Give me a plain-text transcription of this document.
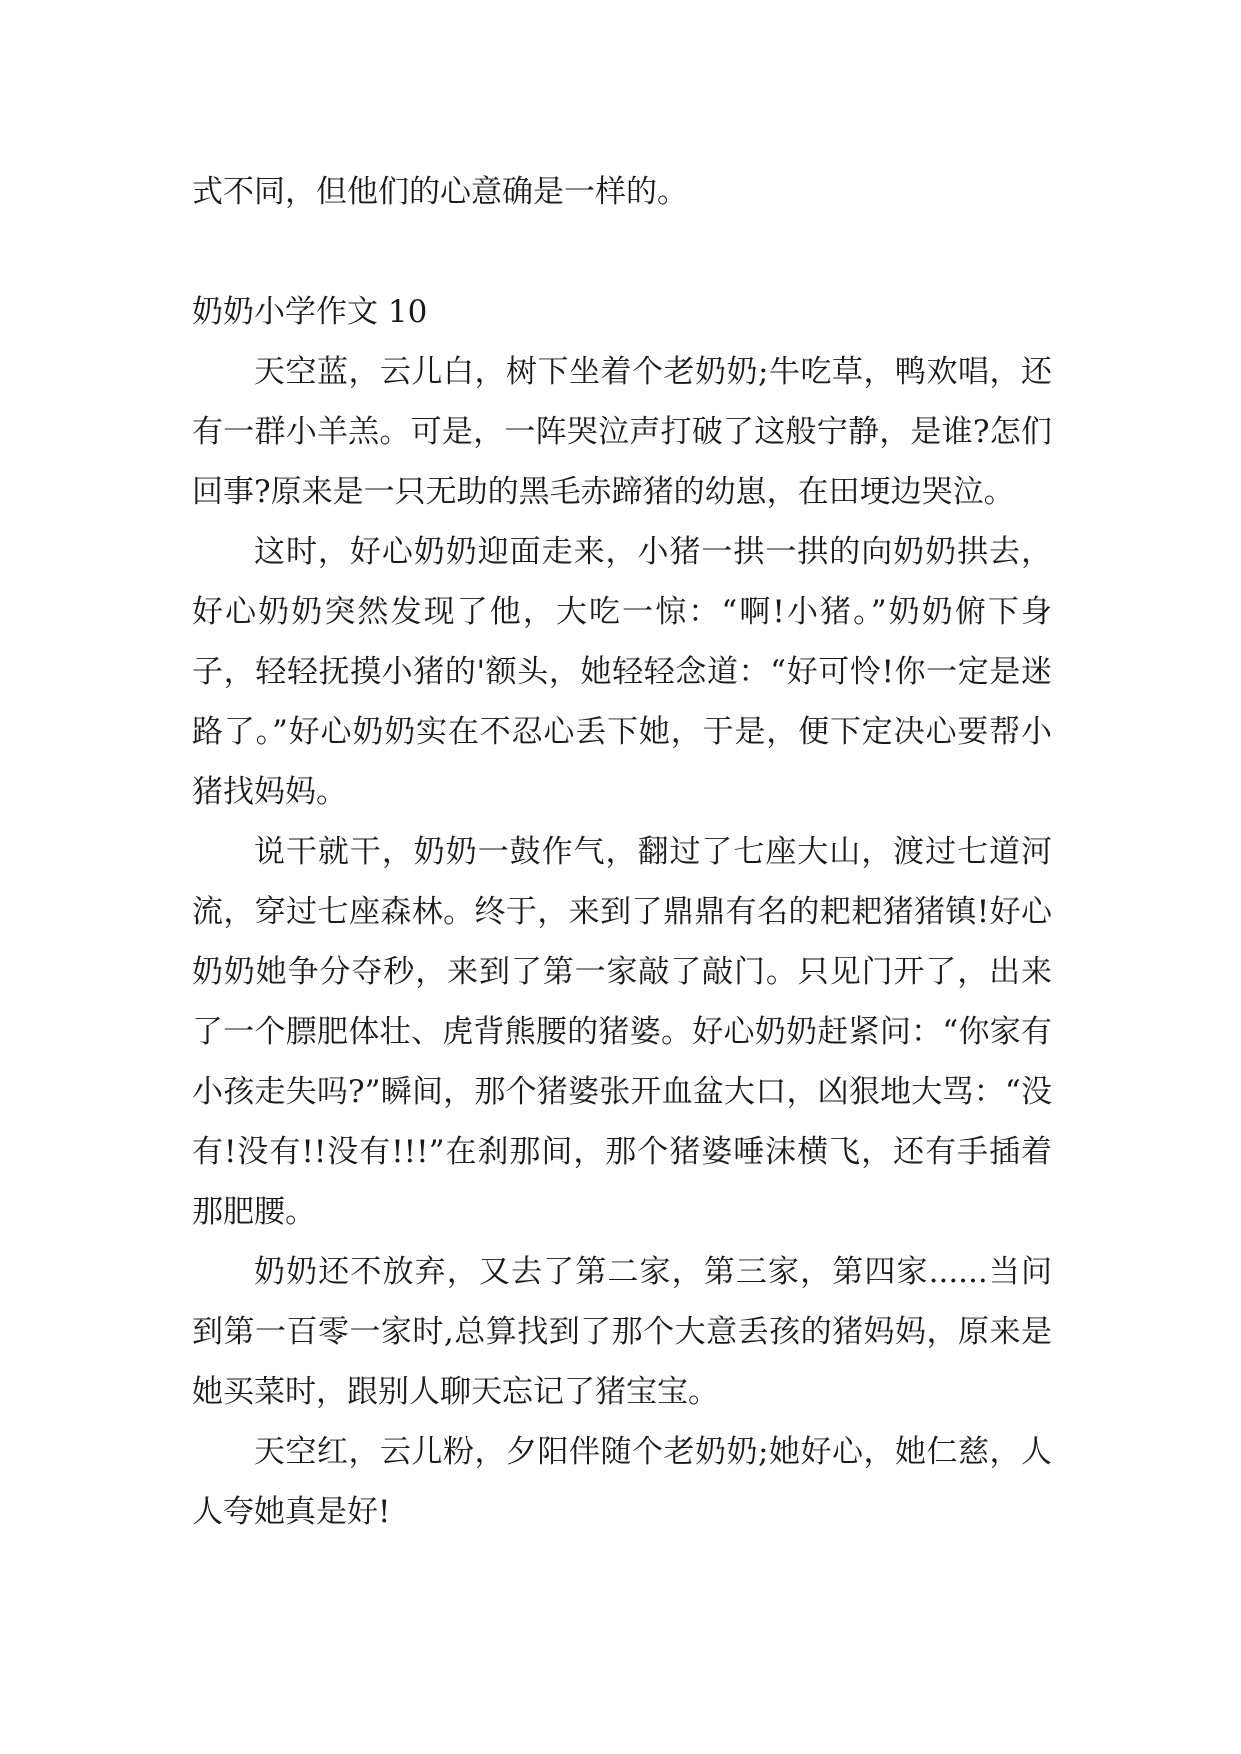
式不同，但他们的心意确是一样的。

奶奶小学作文 10

天空蓝，云儿白，树下坐着个老奶奶;牛吃草，鸭欢唱，还有一群小羊羔。可是，一阵哭泣声打破了这般宁静，是谁?怎们回事?原来是一只无助的黑毛赤蹄猪的幼崽，在田埂边哭泣。

这时，好心奶奶迎面走来，小猪一拱一拱的向奶奶拱去，好心奶奶突然发现了他，大吃一惊：“啊!小猪。”奶奶俯下身子，轻轻抚摸小猪的'额头，她轻轻念道：“好可怜!你一定是迷路了。”好心奶奶实在不忍心丢下她，于是，便下定决心要帮小猪找妈妈。

说干就干，奶奶一鼓作气，翻过了七座大山，渡过七道河流，穿过七座森林。终于，来到了鼎鼎有名的耙耙猪猪镇!好心奶奶她争分夺秒，来到了第一家敲了敲门。只见门开了，出来了一个膘肥体壮、虎背熊腰的猪婆。好心奶奶赶紧问：“你家有小孩走失吗?”瞬间，那个猪婆张开血盆大口，凶狠地大骂：“没有!没有!!没有!!!”在刹那间，那个猪婆唾沫横飞，还有手插着那肥腰。

奶奶还不放弃，又去了第二家，第三家，第四家......当问到第一百零一家时,总算找到了那个大意丢孩的猪妈妈，原来是她买菜时，跟别人聊天忘记了猪宝宝。

天空红，云儿粉，夕阳伴随个老奶奶;她好心，她仁慈，人人夸她真是好!
